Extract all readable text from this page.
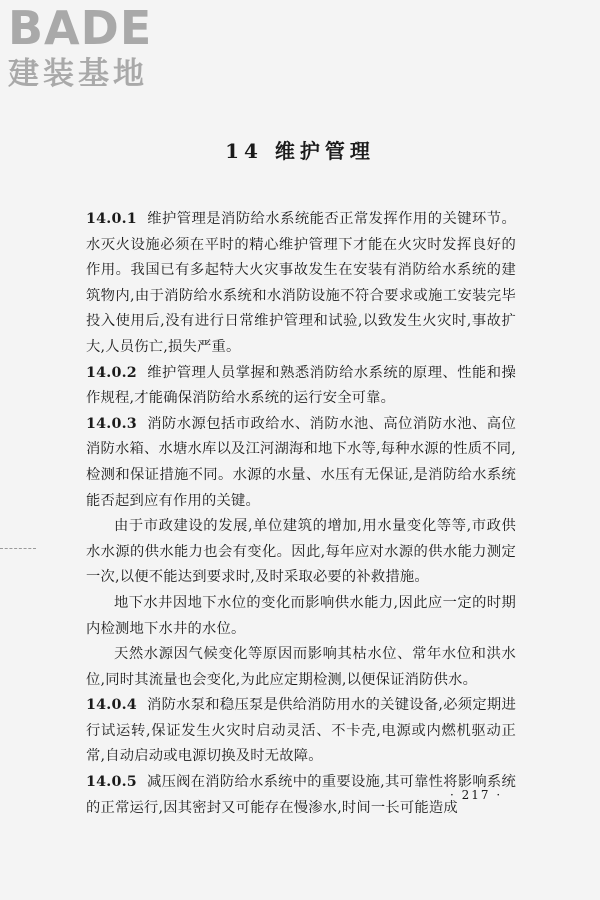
BADE
建装基地
14 维护管理

14.0.1 维护管理是消防给水系统能否正常发挥作用的关键环节。水灭火设施必须在平时的精心维护管理下才能在火灾时发挥良好的作用。我国已有多起特大火灾事故发生在安装有消防给水系统的建筑物内,由于消防给水系统和水消防设施不符合要求或施工安装完毕投入使用后,没有进行日常维护管理和试验,以致发生火灾时,事故扩大,人员伤亡,损失严重。

14.0.2 维护管理人员掌握和熟悉消防给水系统的原理、性能和操作规程,才能确保消防给水系统的运行安全可靠。

14.0.3 消防水源包括市政给水、消防水池、高位消防水池、高位消防水箱、水塘水库以及江河湖海和地下水等,每种水源的性质不同,检测和保证措施不同。水源的水量、水压有无保证,是消防给水系统能否起到应有作用的关键。

由于市政建设的发展,单位建筑的增加,用水量变化等等,市政供水水源的供水能力也会有变化。因此,每年应对水源的供水能力测定一次,以便不能达到要求时,及时采取必要的补救措施。

地下水井因地下水位的变化而影响供水能力,因此应一定的时期内检测地下水井的水位。

天然水源因气候变化等原因而影响其枯水位、常年水位和洪水位,同时其流量也会变化,为此应定期检测,以便保证消防供水。

14.0.4 消防水泵和稳压泵是供给消防用水的关键设备,必须定期进行试运转,保证发生火灾时启动灵活、不卡壳,电源或内燃机驱动正常,自动启动或电源切换及时无故障。

14.0.5 减压阀在消防给水系统中的重要设施,其可靠性将影响系统的正常运行,因其密封又可能存在慢渗水,时间一长可能造成

· 217 ·
